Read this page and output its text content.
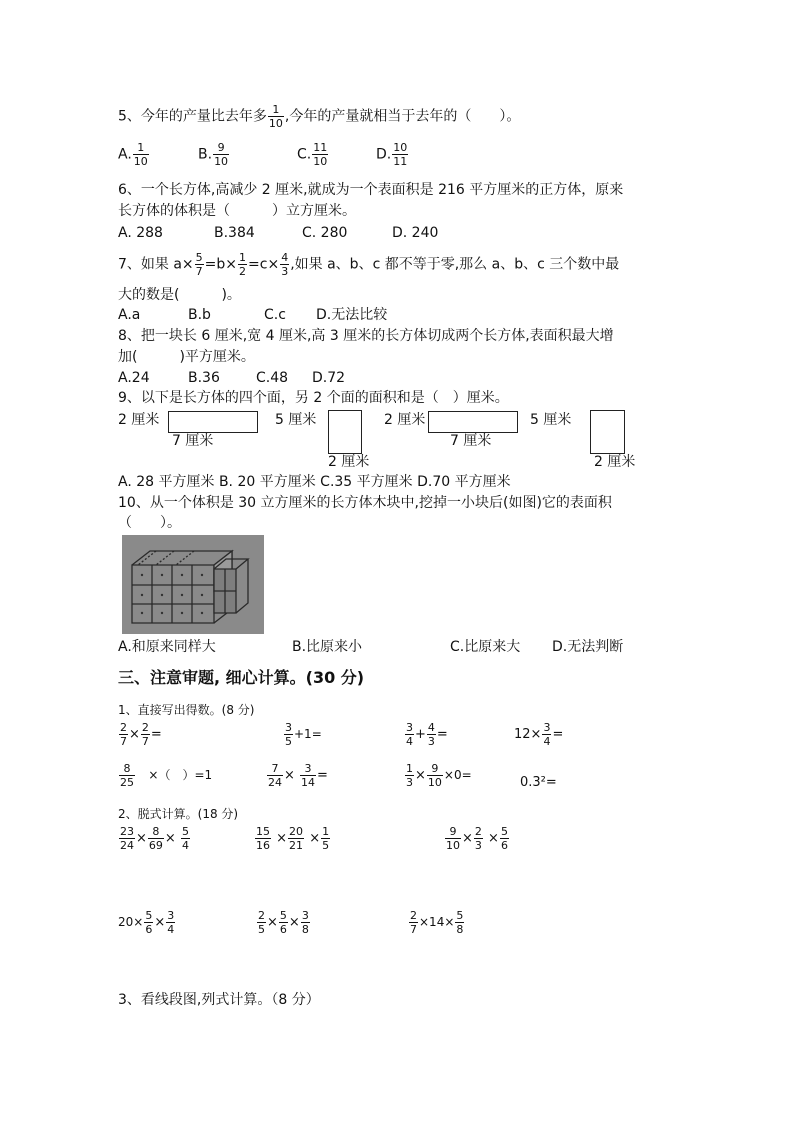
5、今年的产量比去年多 $\frac{1}{10}$ ,今年的产量就相当于去年的（　　）。
A. $\frac{1}{10}$	B. $\frac{9}{10}$	C. $\frac{11}{10}$	D. $\frac{10}{11}$
6、一个长方体,高减少 2 厘米,就成为一个表面积是 216 平方厘米的正方体，原来
长方体的体积是（　　　）立方厘米。
A. 288	B.384	C. 280	D. 240
7、如果 $a\times \frac{5}{7} =b\times \frac{1}{2} =c\times \frac{4}{3}$ ,如果 a、b、c 都不等于零,那么 a、b、c 三个数中最
大的数是(　　　)。
A.a	B.b	C.c D.无法比较
8、把一块长 6 厘米,宽 4 厘米,高 3 厘米的长方体切成两个长方体,表面积最大增
加(　　　)平方厘米。
A.24	B.36	C.48 D.72
9、以下是长方体的四个面，另 2 个面的面积和是（　）厘米。
2 厘米
7 厘米
5 厘米
2 厘米
2 厘米
7 厘米
5 厘米
2 厘米
A. 28 平方厘米 B. 20 平方厘米 C.35 平方厘米 D.70 平方厘米
10、从一个体积是 30 立方厘米的长方体木块中,挖掉一小块后(如图)它的表面积
（　　）。
A.和原来同样大	B.比原来小	C.比原来大 D.无法判断
三、注意审题, 细心计算。(30 分)
1、直接写出得数。(8 分)
$\frac{2}{7} \times \frac{2}{7}$ =	$\frac{3}{5} +1=$	$\frac{3}{4} + \frac{4}{3}$ =	$12\times \frac{3}{4}$ =
$\frac{8}{25}$ ×（　）=1	$\frac{7}{24} \times \frac{3}{14}$ =	$\frac{1}{3} \times \frac{9}{10} \times 0=$	0.3²=
2、脱式计算。(18 分)
$\frac{23}{24} \times \frac{8}{69} \times \frac{5}{4}$	$\frac{15}{16} \times \frac{20}{21} \times \frac{1}{5}$	$\frac{9}{10} \times \frac{2}{3} \times \frac{5}{6}$
$20\times \frac{5}{6} \times \frac{3}{4}$	$\frac{2}{5} \times \frac{5}{6} \times \frac{3}{8}$	$\frac{2}{7} \times 14\times \frac{5}{8}$
3、看线段图,列式计算。（8 分）
